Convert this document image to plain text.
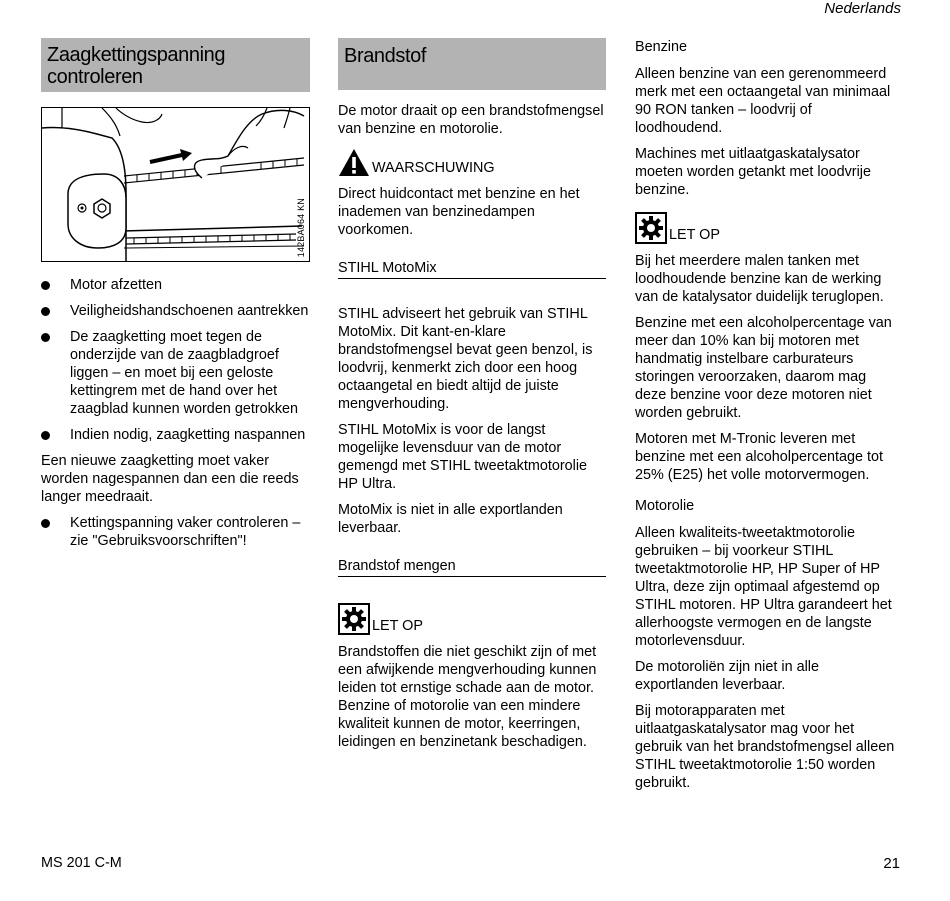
Nederlands
Zaagkettingspanning controleren
142BA064 KN
Motor afzetten
Veiligheidshandschoenen aantrekken
De zaagketting moet tegen de onderzijde van de zaagbladgroef liggen – en moet bij een geloste kettingrem met de hand over het zaagblad kunnen worden getrokken
Indien nodig, zaagketting naspannen

Een nieuwe zaagketting moet vaker worden nagespannen dan een die reeds langer meedraait.

Kettingspanning vaker controleren – zie "Gebruiksvoorschriften"!
Brandstof

De motor draait op een brandstofmengsel van benzine en motorolie.

WAARSCHUWING

Direct huidcontact met benzine en het inademen van benzinedampen voorkomen.

STIHL MotoMix

STIHL adviseert het gebruik van STIHL MotoMix. Dit kant-en-klare brandstofmengsel bevat geen benzol, is loodvrij, kenmerkt zich door een hoog octaangetal en biedt altijd de juiste mengverhouding.

STIHL MotoMix is voor de langst mogelijke levensduur van de motor gemengd met STIHL tweetaktmotorolie HP Ultra.

MotoMix is niet in alle exportlanden leverbaar.

Brandstof mengen
LET OP

Brandstoffen die niet geschikt zijn of met een afwijkende mengverhouding kunnen leiden tot ernstige schade aan de motor. Benzine of motorolie van een mindere kwaliteit kunnen de motor, keerringen, leidingen en benzinetank beschadigen.

Benzine

Alleen benzine van een gerenommeerd merk met een octaangetal van minimaal 90 RON tanken – loodvrij of loodhoudend.

Machines met uitlaatgaskatalysator moeten worden getankt met loodvrije benzine.

LET OP

Bij het meerdere malen tanken met loodhoudende benzine kan de werking van de katalysator duidelijk teruglopen.

Benzine met een alcoholpercentage van meer dan 10% kan bij motoren met handmatig instelbare carburateurs storingen veroorzaken, daarom mag deze benzine voor deze motoren niet worden gebruikt.

Motoren met M-Tronic leveren met benzine met een alcoholpercentage tot 25% (E25) het volle motorvermogen.

Motorolie

Alleen kwaliteits-tweetaktmotorolie gebruiken – bij voorkeur STIHL tweetaktmotorolie HP, HP Super of HP Ultra, deze zijn optimaal afgestemd op STIHL motoren. HP Ultra garandeert het allerhoogste vermogen en de langste motorlevensduur.

De motoroliën zijn niet in alle exportlanden leverbaar.

Bij motorapparaten met uitlaatgaskatalysator mag voor het gebruik van het brandstofmengsel alleen STIHL tweetaktmotorolie 1:50 worden gebruikt.

MS 201 C-M	21
